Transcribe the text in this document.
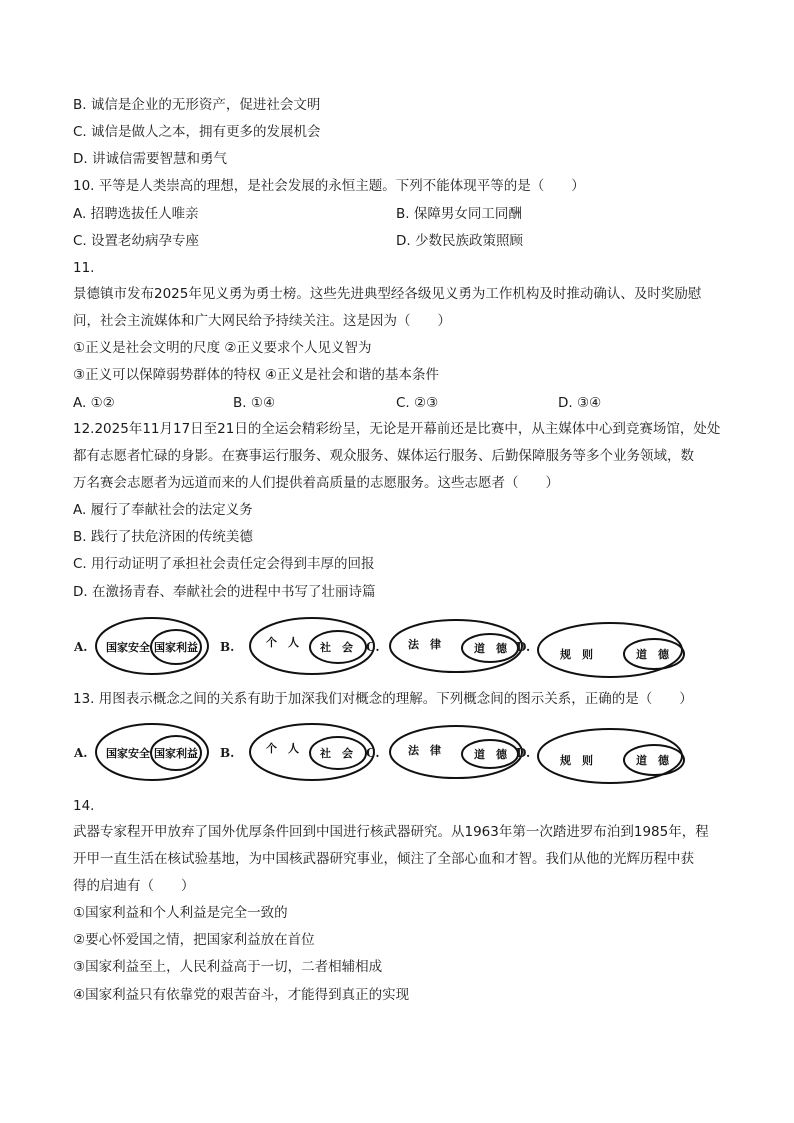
B. 诚信是企业的无形资产，促进社会文明
C. 诚信是做人之本，拥有更多的发展机会
D. 讲诚信需要智慧和勇气
10. 平等是人类崇高的理想，是社会发展的永恒主题。下列不能体现平等的是（　　）
A. 招聘选拔任人唯亲	B. 保障男女同工同酬
C. 设置老幼病孕专座	D. 少数民族政策照顾
11.
景德镇市发布2025年见义勇为勇士榜。这些先进典型经各级见义勇为工作机构及时推动确认、及时奖励慰
问，社会主流媒体和广大网民给予持续关注。这是因为（　　）
①正义是社会文明的尺度 ②正义要求个人见义智为
③正义可以保障弱势群体的特权 ④正义是社会和谐的基本条件
A. ①②	B. ①④	C. ②③	D. ③④
12.2025年11月17日至21日的全运会精彩纷呈，无论是开幕前还是比赛中，从主媒体中心到竞赛场馆，处处
都有志愿者忙碌的身影。在赛事运行服务、观众服务、媒体运行服务、后勤保障服务等多个业务领域，数
万名赛会志愿者为远道而来的人们提供着高质量的志愿服务。这些志愿者（　　）
A. 履行了奉献社会的法定义务
B. 践行了扶危济困的传统美德
C. 用行动证明了承担社会责任定会得到丰厚的回报
D. 在激扬青春、奉献社会的进程中书写了壮丽诗篇
A. 国家安全 国家利益 B.	个　人 社　会 C.	法　律	道　德 D.
规　则	道　德
13. 用图表示概念之间的关系有助于加深我们对概念的理解。下列概念间的图示关系，正确的是（　　）
A. 国家安全 国家利益 B.	个　人 社　会 C.	法　律	道　德 D.
规　则	道　德
14.
武器专家程开甲放弃了国外优厚条件回到中国进行核武器研究。从1963年第一次踏进罗布泊到1985年，程
开甲一直生活在核试验基地，为中国核武器研究事业，倾注了全部心血和才智。我们从他的光辉历程中获
得的启迪有（　　）
①国家利益和个人利益是完全一致的
②要心怀爱国之情，把国家利益放在首位
③国家利益至上，人民利益高于一切，二者相辅相成
④国家利益只有依靠党的艰苦奋斗，才能得到真正的实现
